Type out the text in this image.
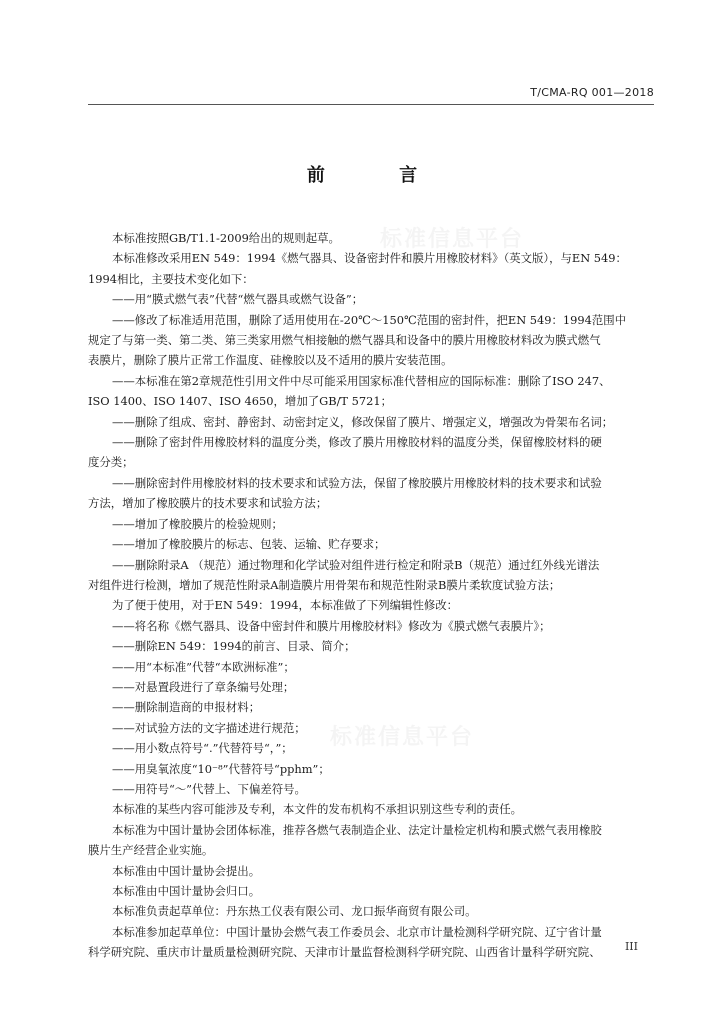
标准信息平台
标准信息平台
T/CMA-RQ 001—2018
前 言

本标准按照GB/T1.1-2009给出的规则起草。

本标准修改采用EN 549：1994《燃气器具、设备密封件和膜片用橡胶材料》（英文版），与EN 549：

1994相比，主要技术变化如下：

——用“膜式燃气表”代替“燃气器具或燃气设备”；

——修改了标准适用范围，删除了适用使用在-20℃～150℃范围的密封件，把EN 549：1994范围中

规定了与第一类、第二类、第三类家用燃气相接触的燃气器具和设备中的膜片用橡胶材料改为膜式燃气

表膜片，删除了膜片正常工作温度、硅橡胶以及不适用的膜片安装范围。

——本标准在第2章规范性引用文件中尽可能采用国家标准代替相应的国际标准：删除了ISO 247、

ISO 1400、ISO 1407、ISO 4650，增加了GB/T 5721；

——删除了组成、密封、静密封、动密封定义，修改保留了膜片、增强定义，增强改为骨架布名词；

——删除了密封件用橡胶材料的温度分类，修改了膜片用橡胶材料的温度分类，保留橡胶材料的硬

度分类；

——删除密封件用橡胶材料的技术要求和试验方法，保留了橡胶膜片用橡胶材料的技术要求和试验

方法，增加了橡胶膜片的技术要求和试验方法；

——增加了橡胶膜片的检验规则；

——增加了橡胶膜片的标志、包装、运输、贮存要求；

——删除附录A （规范）通过物理和化学试验对组件进行检定和附录B（规范）通过红外线光谱法

对组件进行检测，增加了规范性附录A制造膜片用骨架布和规范性附录B膜片柔软度试验方法；

为了便于使用，对于EN 549：1994，本标准做了下列编辑性修改：

——将名称《燃气器具、设备中密封件和膜片用橡胶材料》修改为《膜式燃气表膜片》；

——删除EN 549：1994的前言、目录、简介；

——用“本标准”代替“本欧洲标准”；

——对悬置段进行了章条编号处理；

——删除制造商的申报材料；

——对试验方法的文字描述进行规范；

——用小数点符号“.”代替符号“，”；

——用臭氧浓度“10⁻⁸”代替符号“pphm”；

——用符号“～”代替上、下偏差符号。

本标准的某些内容可能涉及专利，本文件的发布机构不承担识别这些专利的责任。

本标准为中国计量协会团体标准，推荐各燃气表制造企业、法定计量检定机构和膜式燃气表用橡胶

膜片生产经营企业实施。

本标准由中国计量协会提出。

本标准由中国计量协会归口。

本标准负责起草单位：丹东热工仪表有限公司、龙口振华商贸有限公司。

本标准参加起草单位：中国计量协会燃气表工作委员会、北京市计量检测科学研究院、辽宁省计量

科学研究院、重庆市计量质量检测研究院、天津市计量监督检测科学研究院、山西省计量科学研究院、	III
